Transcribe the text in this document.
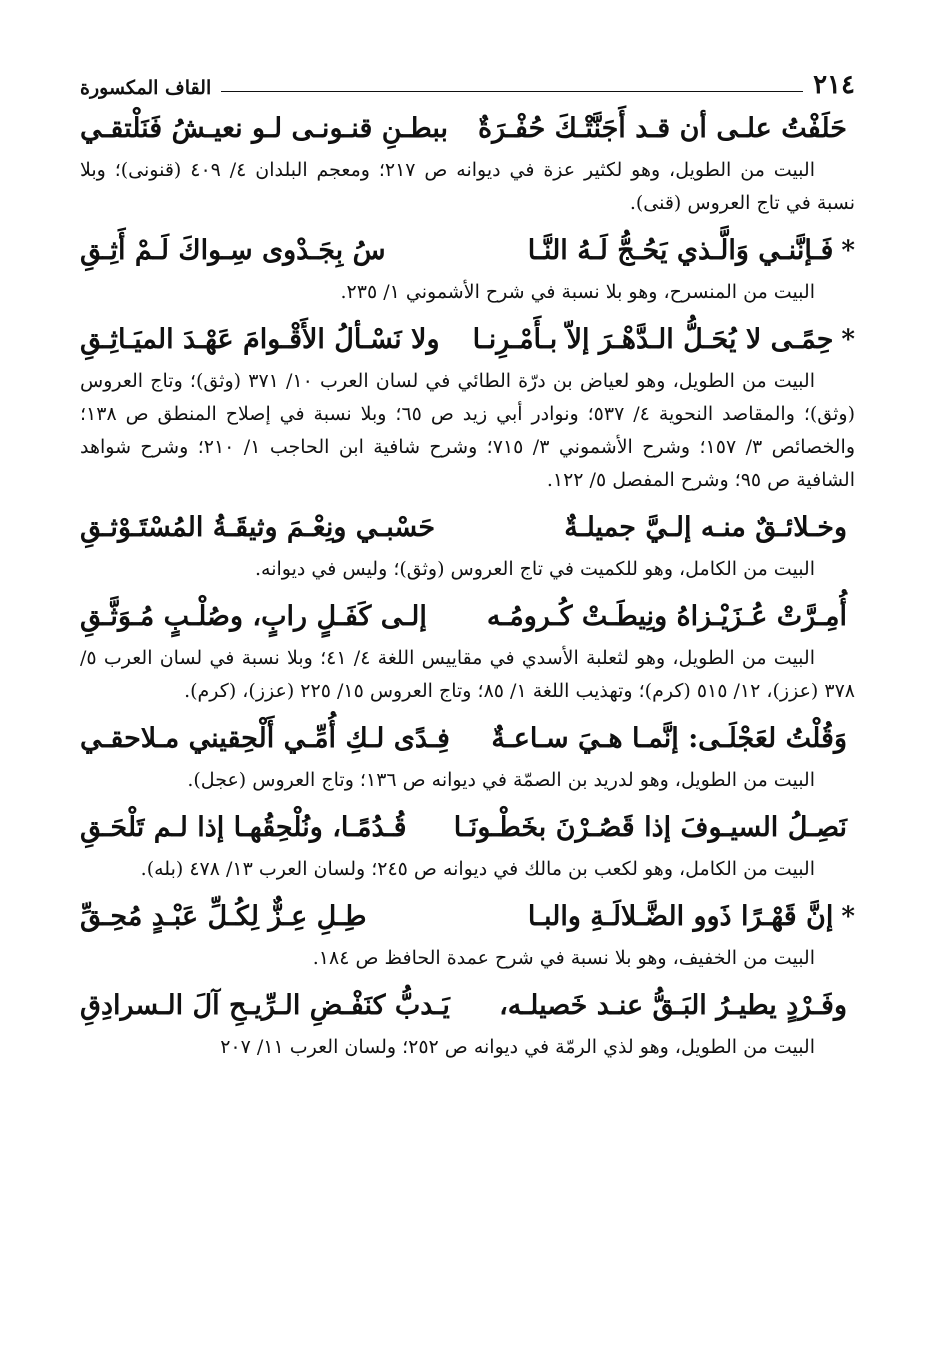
٢١٤
القاف المكسورة
حَلَفْتُ علـى أن قـد أَجَنَّتْـكَ حُفْـرَةٌ
ببطـنِ قنـونـى لـو نعيـشُ فَنَلْتقـي

البيت من الطويل، وهو لكثير عزة في ديوانه ص ٢١٧؛ ومعجم البلدان ٤/ ٤٠٩ (قنونى)؛ وبلا نسبة في تاج العروس (قنى).

*
فَـإنَّنـي وَالَّـذي يَحُـجُّ لَـهُ النَّـا
سُ بِجَـدْوى سِـواكَ لَـمْ أَثِـقِ

البيت من المنسرح، وهو بلا نسبة في شرح الأشموني ١/ ٢٣٥.

*
حِمًـى لا يُحَـلُّ الـدَّهْـرَ إلاّ بـأَمْـرِنـا
ولا نَسْـألُ الأَقْـوامَ عَهْـدَ الميَـاثِـقِ

البيت من الطويل، وهو لعياض بن درّة الطائي في لسان العرب ١٠/ ٣٧١ (وثق)؛ وتاج العروس (وثق)؛ والمقاصد النحوية ٤/ ٥٣٧؛ ونوادر أبي زيد ص ٦٥؛ وبلا نسبة في إصلاح المنطق ص ١٣٨؛ والخصائص ٣/ ١٥٧؛ وشرح الأشموني ٣/ ٧١٥؛ وشرح شافية ابن الحاجب ١/ ٢١٠؛ وشرح شواهد الشافية ص ٩٥؛ وشرح المفصل ٥/ ١٢٢.

وخـلائـقٌ منـه إلـيَّ جميلـةٌ
حَسْبـي ونِعْـمَ وثيقَـةُ المُسْتَـوْثـقِ

البيت من الكامل، وهو للكميت في تاج العروس (وثق)؛ وليس في ديوانه.

أُمِـرَّتْ عُـزَيْـزاهُ ونِيطَـتْ كُـرومُـه
إلـى كَفَـلٍ رابٍ، وصُلْـبٍ مُـوَثَّـقِ

البيت من الطويل، وهو لثعلبة الأسدي في مقاييس اللغة ٤/ ٤١؛ وبلا نسبة في لسان العرب ٥/ ٣٧٨ (عزز)، ١٢/ ٥١٥ (كرم)؛ وتهذيب اللغة ١/ ٨٥؛ وتاج العروس ١٥/ ٢٢٥ (عزز)، (كرم).

وَقُلْتُ لعَجْلَـى: إنَّمـا هـيَ سـاعـةٌ
فِـدًى لـكِ أُمِّـي أَلْحِقيني مـلاحقـي

البيت من الطويل، وهو لدريد بن الصمّة في ديوانه ص ١٣٦؛ وتاج العروس (عجل).

نَصِـلُ السيـوفَ إذا قَصُـرْنَ بخَطْـونَـا
قُـدُمًـا، ونُلْحِقُهـا إذا لـم تَلْحَـقِ

البيت من الكامل، وهو لكعب بن مالك في ديوانه ص ٢٤٥؛ ولسان العرب ١٣/ ٤٧٨ (بله).

*
إنَّ قَهْـرًا ذَوو الضَّـلالَـةِ والبـا
طِـلِ عِـزٌّ لِكُـلِّ عَبْـدٍ مُحِـقِّ

البيت من الخفيف، وهو بلا نسبة في شرح عمدة الحافظ ص ١٨٤.

وفَـرْدٍ يطيـرُ البَـقُّ عنـد خَصيلـه،
يَـدبُّ كنَفْـضِ الـرِّيـحِ آلَ الـسرادِقِ

البيت من الطويل، وهو لذي الرمّة في ديوانه ص ٢٥٢؛ ولسان العرب ١١/ ٢٠٧
